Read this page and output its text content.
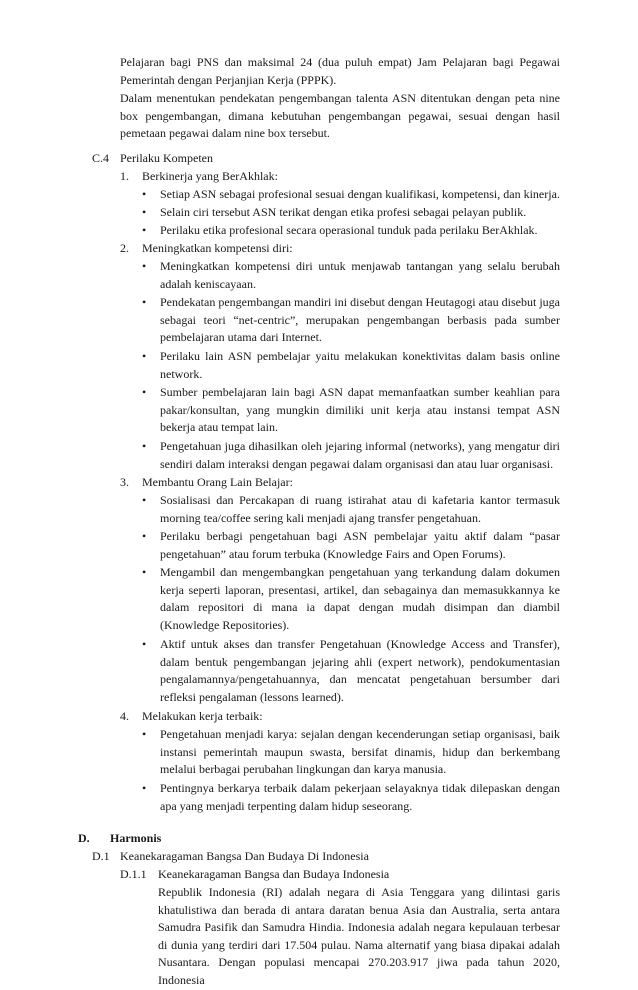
Pelajaran bagi PNS dan maksimal 24 (dua puluh empat) Jam Pelajaran bagi Pegawai Pemerintah dengan Perjanjian Kerja (PPPK).
Dalam menentukan pendekatan pengembangan talenta ASN ditentukan dengan peta nine box pengembangan, dimana kebutuhan pengembangan pegawai, sesuai dengan hasil pemetaan pegawai dalam nine box tersebut.
C.4 Perilaku Kompeten
1. Berkinerja yang BerAkhlak:
• Setiap ASN sebagai profesional sesuai dengan kualifikasi, kompetensi, dan kinerja.
• Selain ciri tersebut ASN terikat dengan etika profesi sebagai pelayan publik.
• Perilaku etika profesional secara operasional tunduk pada perilaku BerAkhlak.
2. Meningkatkan kompetensi diri:
• Meningkatkan kompetensi diri untuk menjawab tantangan yang selalu berubah adalah keniscayaan.
• Pendekatan pengembangan mandiri ini disebut dengan Heutagogi atau disebut juga sebagai teori “net-centric”, merupakan pengembangan berbasis pada sumber pembelajaran utama dari Internet.
• Perilaku lain ASN pembelajar yaitu melakukan konektivitas dalam basis online network.
• Sumber pembelajaran lain bagi ASN dapat memanfaatkan sumber keahlian para pakar/konsultan, yang mungkin dimiliki unit kerja atau instansi tempat ASN bekerja atau tempat lain.
• Pengetahuan juga dihasilkan oleh jejaring informal (networks), yang mengatur diri sendiri dalam interaksi dengan pegawai dalam organisasi dan atau luar organisasi.
3. Membantu Orang Lain Belajar:
• Sosialisasi dan Percakapan di ruang istirahat atau di kafetaria kantor termasuk morning tea/coffee sering kali menjadi ajang transfer pengetahuan.
• Perilaku berbagi pengetahuan bagi ASN pembelajar yaitu aktif dalam “pasar pengetahuan” atau forum terbuka (Knowledge Fairs and Open Forums).
• Mengambil dan mengembangkan pengetahuan yang terkandung dalam dokumen kerja seperti laporan, presentasi, artikel, dan sebagainya dan memasukkannya ke dalam repositori di mana ia dapat dengan mudah disimpan dan diambil (Knowledge Repositories).
• Aktif untuk akses dan transfer Pengetahuan (Knowledge Access and Transfer), dalam bentuk pengembangan jejaring ahli (expert network), pendokumentasian pengalamannya/pengetahuannya, dan mencatat pengetahuan bersumber dari refleksi pengalaman (lessons learned).
4. Melakukan kerja terbaik:
• Pengetahuan menjadi karya: sejalan dengan kecenderungan setiap organisasi, baik instansi pemerintah maupun swasta, bersifat dinamis, hidup dan berkembang melalui berbagai perubahan lingkungan dan karya manusia.
• Pentingnya berkarya terbaik dalam pekerjaan selayaknya tidak dilepaskan dengan apa yang menjadi terpenting dalam hidup seseorang.
D. Harmonis
D.1 Keanekaragaman Bangsa Dan Budaya Di Indonesia
D.1.1 Keanekaragaman Bangsa dan Budaya Indonesia
Republik Indonesia (RI) adalah negara di Asia Tenggara yang dilintasi garis khatulistiwa dan berada di antara daratan benua Asia dan Australia, serta antara Samudra Pasifik dan Samudra Hindia. Indonesia adalah negara kepulauan terbesar di dunia yang terdiri dari 17.504 pulau. Nama alternatif yang biasa dipakai adalah Nusantara. Dengan populasi mencapai 270.203.917 jiwa pada tahun 2020, Indonesia
